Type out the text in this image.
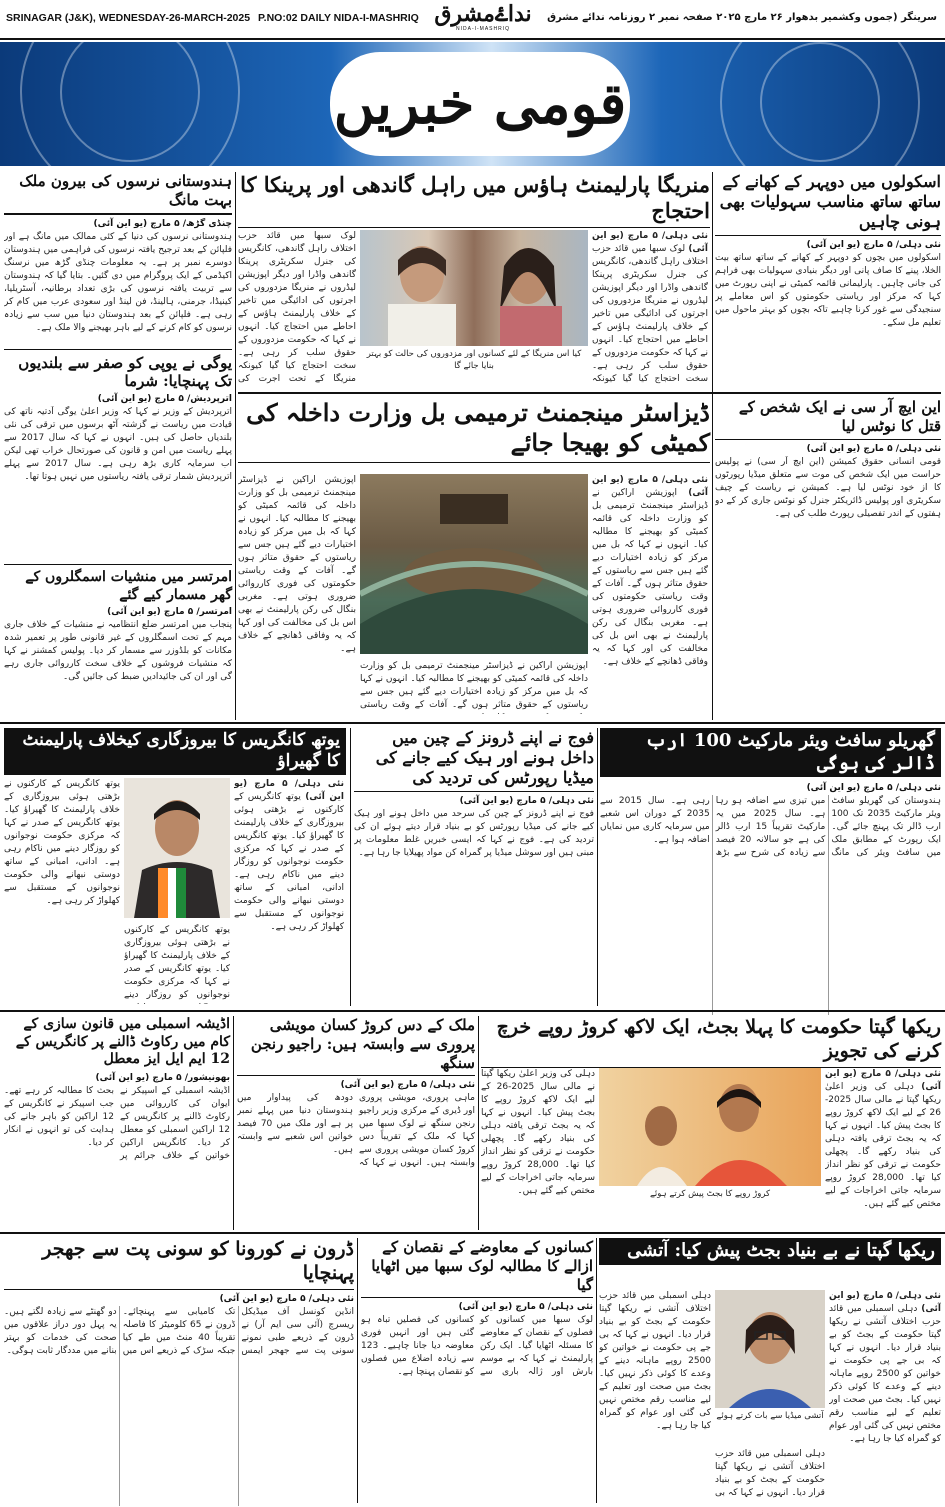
SRINAGAR (J&K), WEDNESDAY-26-MARCH-2025 P.NO:02 DAILY NIDA-I-MASHRIQ نداۓمشرق
NIDA-I-MASHRIQ
سرینگر (جموں وکشمیر بدھوار ۲۶ مارچ ۲۰۲۵ صفحہ نمبر ۲ روزنامہ ندائے مشرق
قومی خبریں
ہندوستانی نرسوں کی بیرون ملک بہت مانگ
چنڈی گڑھ/ ۵ مارچ (یو این آئی)
ہندوستانی نرسوں کی دنیا کے کئی ممالک میں مانگ ہے اور فلپائن کے بعد ترجیح یافتہ نرسوں کی فراہمی میں ہندوستان دوسرے نمبر پر ہے۔ یہ معلومات چنڈی گڑھ میں نرسنگ اکیڈمی کے ایک پروگرام میں دی گئیں۔ بتایا گیا کہ ہندوستان سے تربیت یافتہ نرسوں کی بڑی تعداد برطانیہ، آسٹریلیا، کینیڈا، جرمنی، ہالینڈ، فن لینڈ اور سعودی عرب میں کام کر رہی ہے۔ فلپائن کے بعد ہندوستان دنیا میں سب سے زیادہ نرسوں کو کام کرنے کے لیے باہر بھیجنے والا ملک ہے۔
یوگی نے یوپی کو صفر سے بلندیوں تک پہنچایا: شرما
اترپردیش/ ۵ مارچ (یو این آئی)
اترپردیش کے وزیر نے کہا کہ وزیر اعلیٰ یوگی آدتیہ ناتھ کی قیادت میں ریاست نے گزشتہ آٹھ برسوں میں ترقی کی نئی بلندیاں حاصل کی ہیں۔ انہوں نے کہا کہ سال 2017 سے پہلے ریاست میں امن و قانون کی صورتحال خراب تھی لیکن اب سرمایہ کاری بڑھ رہی ہے۔ سال 2017 سے پہلے اترپردیش شمار ترقی یافتہ ریاستوں میں نہیں ہوتا تھا۔
امرتسر میں منشیات اسمگلروں کے گھر مسمار کیے گئے
امرتسر/ ۵ مارچ (یو این آئی)
پنجاب میں امرتسر ضلع انتظامیہ نے منشیات کے خلاف جاری مہم کے تحت اسمگلروں کے غیر قانونی طور پر تعمیر شدہ مکانات کو بلڈوزر سے مسمار کر دیا۔ پولیس کمشنر نے کہا کہ منشیات فروشوں کے خلاف سخت کارروائی جاری رہے گی اور ان کی جائیدادیں ضبط کی جائیں گی۔
منریگا پارلیمنٹ ہاؤس میں راہل گاندھی اور پرینکا کا احتجاج
نئی دہلی/ ۵ مارچ (یو این آئی) لوک سبھا میں قائد حزب اختلاف راہل گاندھی، کانگریس کی جنرل سکریٹری پرینکا گاندھی واڈرا اور دیگر اپوزیشن لیڈروں نے منریگا مزدوروں کی اجرتوں کی ادائیگی میں تاخیر کے خلاف پارلیمنٹ ہاؤس کے احاطے میں احتجاج کیا۔ انہوں نے کہا کہ حکومت مزدوروں کے حقوق سلب کر رہی ہے۔ سخت احتجاج کیا گیا کیونکہ
لوک سبھا میں قائد حزب اختلاف راہل گاندھی، کانگریس کی جنرل سکریٹری پرینکا گاندھی واڈرا اور دیگر اپوزیشن لیڈروں نے منریگا مزدوروں کی اجرتوں کی ادائیگی میں تاخیر کے خلاف پارلیمنٹ ہاؤس کے احاطے میں احتجاج کیا۔ انہوں نے کہا کہ حکومت مزدوروں کے حقوق سلب کر رہی ہے۔ سخت احتجاج کیا گیا کیونکہ منریگا کے تحت اجرت کی
کیا اس منریگا کے لئے کسانوں اور مزدوروں کی حالت کو بہتر بنایا جائے گا
اسکولوں میں دوپہر کے کھانے کے ساتھ ساتھ مناسب سہولیات بھی ہونی چاہیں
نئی دہلی/ ۵ مارچ (یو این آئی)
اسکولوں میں بچوں کو دوپہر کے کھانے کے ساتھ ساتھ بیت الخلا، پینے کا صاف پانی اور دیگر بنیادی سہولیات بھی فراہم کی جانی چاہیں۔ پارلیمانی قائمہ کمیٹی نے اپنی رپورٹ میں کہا کہ مرکز اور ریاستی حکومتوں کو اس معاملے پر سنجیدگی سے غور کرنا چاہیے تاکہ بچوں کو بہتر ماحول میں تعلیم مل سکے۔
ڈیزاسٹر مینجمنٹ ترمیمی بل وزارت داخلہ کی کمیٹی کو بھیجا جائے
نئی دہلی/ ۵ مارچ (یو این آئی) اپوزیشن اراکین نے ڈیزاسٹر مینجمنٹ ترمیمی بل کو وزارت داخلہ کی قائمہ کمیٹی کو بھیجنے کا مطالبہ کیا۔ انہوں نے کہا کہ بل میں مرکز کو زیادہ اختیارات دیے گئے ہیں جس سے ریاستوں کے حقوق متاثر ہوں گے۔ آفات کے وقت ریاستی حکومتوں کی فوری کارروائی ضروری ہوتی ہے۔ مغربی بنگال کی رکن پارلیمنٹ نے بھی اس بل کی مخالفت کی اور کہا کہ یہ وفاقی ڈھانچے کے خلاف ہے۔
اپوزیشن اراکین نے ڈیزاسٹر مینجمنٹ ترمیمی بل کو وزارت داخلہ کی قائمہ کمیٹی کو بھیجنے کا مطالبہ کیا۔ انہوں نے کہا کہ بل میں مرکز کو زیادہ اختیارات دیے گئے ہیں جس سے ریاستوں کے حقوق متاثر ہوں گے۔ آفات کے وقت ریاستی حکومتوں کی فوری کارروائی ضروری ہوتی ہے۔ مغربی بنگال کی رکن پارلیمنٹ نے بھی اس بل کی مخالفت کی اور کہا کہ یہ وفاقی ڈھانچے کے خلاف ہے۔
اپوزیشن اراکین نے ڈیزاسٹر مینجمنٹ ترمیمی بل کو وزارت داخلہ کی قائمہ کمیٹی کو بھیجنے کا مطالبہ کیا۔ انہوں نے کہا کہ بل میں مرکز کو زیادہ اختیارات دیے گئے ہیں جس سے ریاستوں کے حقوق متاثر ہوں گے۔ آفات کے وقت ریاستی
این ایچ آر سی نے ایک شخص کے قتل کا نوٹس لیا
نئی دہلی/ ۵ مارچ (یو این آئی)
قومی انسانی حقوق کمیشن (این ایچ آر سی) نے پولیس حراست میں ایک شخص کی موت سے متعلق میڈیا رپورٹوں کا از خود نوٹس لیا ہے۔ کمیشن نے ریاست کے چیف سکریٹری اور پولیس ڈائریکٹر جنرل کو نوٹس جاری کر کے دو ہفتوں کے اندر تفصیلی رپورٹ طلب کی ہے۔
یوتھ کانگریس کا بیروزگاری کیخلاف پارلیمنٹ کا گھیراؤ
نئی دہلی/ ۵ مارچ (یو این آئی) یوتھ کانگریس کے کارکنوں نے بڑھتی ہوئی بیروزگاری کے خلاف پارلیمنٹ کا گھیراؤ کیا۔ یوتھ کانگریس کے صدر نے کہا کہ مرکزی حکومت نوجوانوں کو روزگار دینے میں ناکام رہی ہے۔ ادانی، امبانی کے ساتھ دوستی نبھانے والی حکومت نوجوانوں کے مستقبل سے کھلواڑ کر رہی ہے۔
یوتھ کانگریس کے کارکنوں نے بڑھتی ہوئی بیروزگاری کے خلاف پارلیمنٹ کا گھیراؤ کیا۔ یوتھ کانگریس کے صدر نے کہا کہ مرکزی حکومت نوجوانوں کو روزگار دینے میں ناکام رہی ہے۔ ادانی، امبانی کے ساتھ دوستی نبھانے والی حکومت نوجوانوں کے مستقبل سے کھلواڑ کر رہی ہے۔
یوتھ کانگریس کے کارکنوں نے بڑھتی ہوئی بیروزگاری کے خلاف پارلیمنٹ کا گھیراؤ کیا۔ یوتھ کانگریس کے صدر نے کہا کہ مرکزی حکومت نوجوانوں کو روزگار دینے
فوج نے اپنے ڈرونز کے چین میں داخل ہونے اور ہیک کیے جانے کی میڈیا رپورٹس کی تردید کی
نئی دہلی/ ۵ مارچ (یو این آئی)
فوج نے اپنے ڈرونز کے چین کی سرحد میں داخل ہونے اور ہیک کیے جانے کی میڈیا رپورٹس کو بے بنیاد قرار دیتے ہوئے ان کی تردید کی ہے۔ فوج نے کہا کہ ایسی خبریں غلط معلومات پر مبنی ہیں اور سوشل میڈیا پر گمراہ کن مواد پھیلایا جا رہا ہے۔
گھریلو سافٹ ویئر مارکیٹ 100 ارب ڈالر کی ہوگی
نئی دہلی/ ۵ مارچ (یو این آئی)
ہندوستان کی گھریلو سافٹ ویئر مارکیٹ 2035 تک 100 ارب ڈالر تک پہنچ جائے گی۔ ایک رپورٹ کے مطابق ملک میں سافٹ ویئر کی مانگ میں تیزی سے اضافہ ہو رہا ہے۔ سال 2025 میں یہ مارکیٹ تقریباً 15 ارب ڈالر کی ہے جو سالانہ 20 فیصد سے زیادہ کی شرح سے بڑھ رہی ہے۔ سال 2015 سے 2035 کے دوران اس شعبے میں سرمایہ کاری میں نمایاں اضافہ ہوا ہے۔
اڈیشہ اسمبلی میں قانون سازی کے کام میں رکاوٹ ڈالنے پر کانگریس کے 12 ایم ایل ایز معطل
بھونیشور/ ۵ مارچ (یو این آئی)
اڈیشہ اسمبلی کے اسپیکر نے ایوان کی کارروائی میں رکاوٹ ڈالنے پر کانگریس کے 12 اراکین اسمبلی کو معطل کر دیا۔ کانگریس اراکین خواتین کے خلاف جرائم پر بحث کا مطالبہ کر رہے تھے۔ جب اسپیکر نے کانگریس کے 12 اراکین کو باہر جانے کی ہدایت کی تو انہوں نے انکار کر دیا۔
ملک کے دس کروڑ کسان مویشی پروری سے وابستہ ہیں: راجیو رنجن سنگھ
نئی دہلی/ ۵ مارچ (یو این آئی)
ماہی پروری، مویشی پروری اور ڈیری کے مرکزی وزیر راجیو رنجن سنگھ نے لوک سبھا میں کہا کہ ملک کے تقریباً دس کروڑ کسان مویشی پروری سے وابستہ ہیں۔ انہوں نے کہا کہ دودھ کی پیداوار میں ہندوستان دنیا میں پہلے نمبر پر ہے اور ملک میں 70 فیصد خواتین اس شعبے سے وابستہ ہیں۔
ریکھا گپتا حکومت کا پہلا بجٹ، ایک لاکھ کروڑ روپے خرچ کرنے کی تجویز
نئی دہلی/ ۵ مارچ (یو این آئی) دہلی کی وزیر اعلیٰ ریکھا گپتا نے مالی سال 2025-26 کے لیے ایک لاکھ کروڑ روپے کا بجٹ پیش کیا۔ انہوں نے کہا کہ یہ بجٹ ترقی یافتہ دہلی کی بنیاد رکھے گا۔ پچھلی حکومت نے ترقی کو نظر انداز کیا تھا۔ 28,000 کروڑ روپے سرمایہ جاتی اخراجات کے لیے مختص کیے گئے ہیں۔
دہلی کی وزیر اعلیٰ ریکھا گپتا نے مالی سال 2025-26 کے لیے ایک لاکھ کروڑ روپے کا بجٹ پیش کیا۔ انہوں نے کہا کہ یہ بجٹ ترقی یافتہ دہلی کی بنیاد رکھے گا۔ پچھلی حکومت نے ترقی کو نظر انداز کیا تھا۔ 28,000 کروڑ روپے سرمایہ جاتی اخراجات کے لیے مختص کیے گئے ہیں۔	کروڑ روپے کا بجٹ پیش کرتے ہوئے
ڈرون نے کورونا کو سونی پت سے جھجر پہنچایا
نئی دہلی/ ۵ مارچ (یو این آئی)
انڈین کونسل آف میڈیکل ریسرچ (آئی سی ایم آر) نے ڈرون کے ذریعے طبی نمونے سونی پت سے جھجر ایمس تک کامیابی سے پہنچائے۔ ڈرون نے 65 کلومیٹر کا فاصلہ تقریباً 40 منٹ میں طے کیا جبکہ سڑک کے ذریعے اس میں دو گھنٹے سے زیادہ لگتے ہیں۔ یہ پہل دور دراز علاقوں میں صحت کی خدمات کو بہتر بنانے میں مددگار ثابت ہوگی۔
کسانوں کے معاوضے کے نقصان کے ازالے کا مطالبہ لوک سبھا میں اٹھایا گیا
نئی دہلی/ ۵ مارچ (یو این آئی)
لوک سبھا میں کسانوں کو فصلوں کے نقصان کے معاوضے کا مسئلہ اٹھایا گیا۔ ایک رکن پارلیمنٹ نے کہا کہ بے موسم بارش اور ژالہ باری سے کسانوں کی فصلیں تباہ ہو گئی ہیں اور انہیں فوری معاوضہ دیا جانا چاہیے۔ 123 سے زیادہ اضلاع میں فصلوں کو نقصان پہنچا ہے۔
ریکھا گپتا نے بے بنیاد بجٹ پیش کیا: آتشی
نئی دہلی/ ۵ مارچ (یو این آئی) دہلی اسمبلی میں قائد حزب اختلاف آتشی نے ریکھا گپتا حکومت کے بجٹ کو بے بنیاد قرار دیا۔ انہوں نے کہا کہ بی جے پی حکومت نے خواتین کو 2500 روپے ماہانہ دینے کے وعدے کا کوئی ذکر نہیں کیا۔ بجٹ میں صحت اور تعلیم کے لیے مناسب رقم مختص نہیں کی گئی اور عوام کو گمراہ کیا جا رہا ہے۔
دہلی اسمبلی میں قائد حزب اختلاف آتشی نے ریکھا گپتا حکومت کے بجٹ کو بے بنیاد قرار دیا۔ انہوں نے کہا کہ بی جے پی حکومت نے خواتین کو 2500 روپے ماہانہ دینے کے وعدے کا کوئی ذکر نہیں کیا۔ بجٹ میں صحت اور تعلیم کے لیے مناسب رقم مختص نہیں کی گئی اور عوام کو گمراہ کیا جا رہا ہے۔
آتشی میڈیا سے بات کرتے ہوئے
دہلی اسمبلی میں قائد حزب اختلاف آتشی نے ریکھا گپتا حکومت کے بجٹ کو بے بنیاد قرار دیا۔ انہوں نے کہا کہ بی
